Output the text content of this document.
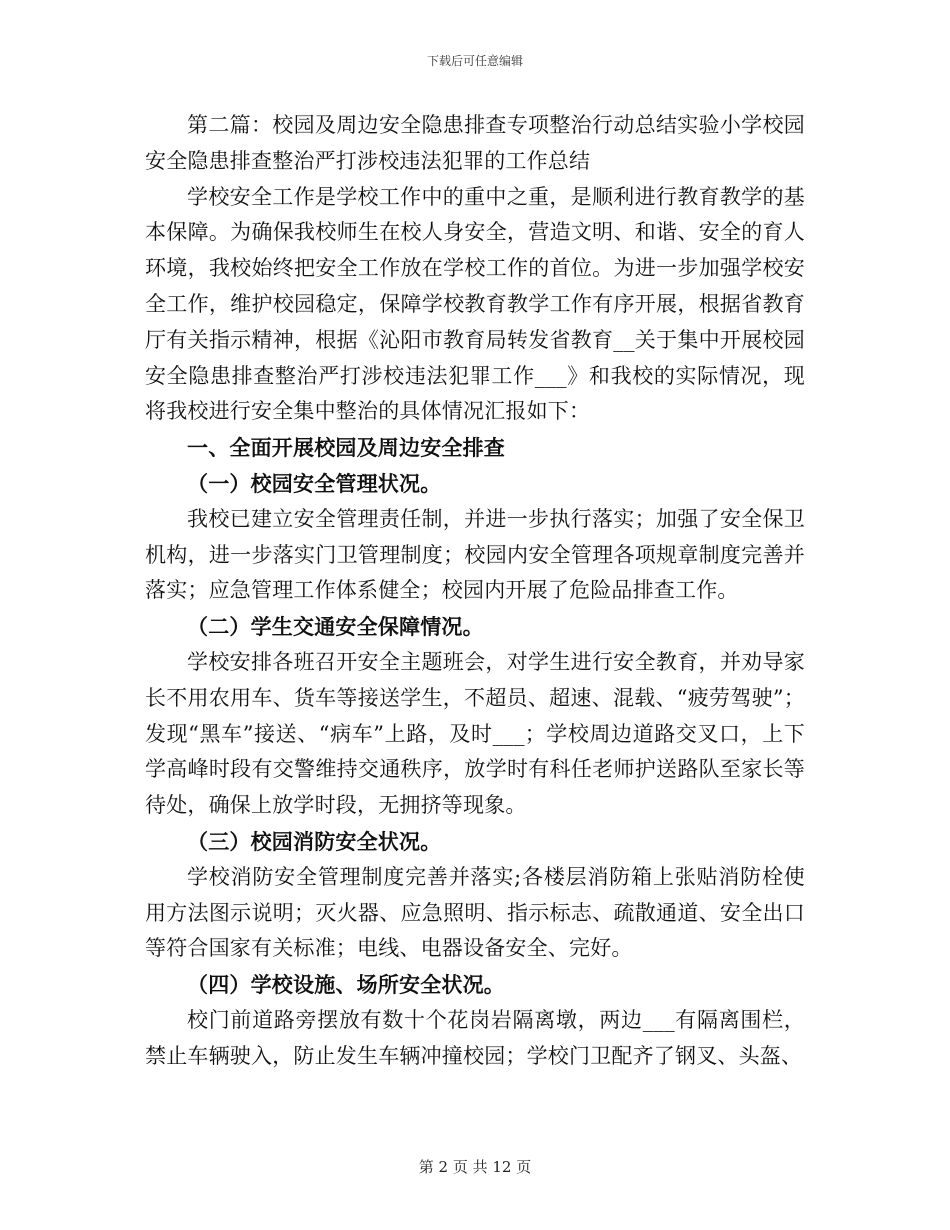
下载后可任意编辑

第二篇：校园及周边安全隐患排查专项整治行动总结实验小学校园安全隐患排查整治严打涉校违法犯罪的工作总结

学校安全工作是学校工作中的重中之重，是顺利进行教育教学的基本保障。为确保我校师生在校人身安全，营造文明、和谐、安全的育人环境，我校始终把安全工作放在学校工作的首位。为进一步加强学校安全工作，维护校园稳定，保障学校教育教学工作有序开展，根据省教育厅有关指示精神，根据《沁阳市教育局转发省教育__关于集中开展校园安全隐患排查整治严打涉校违法犯罪工作___》和我校的实际情况，现将我校进行安全集中整治的具体情况汇报如下：

一、全面开展校园及周边安全排查

（一）校园安全管理状况。

我校已建立安全管理责任制，并进一步执行落实；加强了安全保卫机构，进一步落实门卫管理制度；校园内安全管理各项规章制度完善并落实；应急管理工作体系健全；校园内开展了危险品排查工作。

（二）学生交通安全保障情况。

学校安排各班召开安全主题班会，对学生进行安全教育，并劝导家长不用农用车、货车等接送学生，不超员、超速、混载、“疲劳驾驶”；发现“黑车”接送、“病车”上路，及时___；学校周边道路交叉口，上下学高峰时段有交警维持交通秩序，放学时有科任老师护送路队至家长等待处，确保上放学时段，无拥挤等现象。

（三）校园消防安全状况。

学校消防安全管理制度完善并落实;各楼层消防箱上张贴消防栓使用方法图示说明；灭火器、应急照明、指示标志、疏散通道、安全出口等符合国家有关标准；电线、电器设备安全、完好。

（四）学校设施、场所安全状况。

校门前道路旁摆放有数十个花岗岩隔离墩，两边___有隔离围栏，禁止车辆驶入，防止发生车辆冲撞校园；学校门卫配齐了钢叉、头盔、

第 2 页 共 12 页
